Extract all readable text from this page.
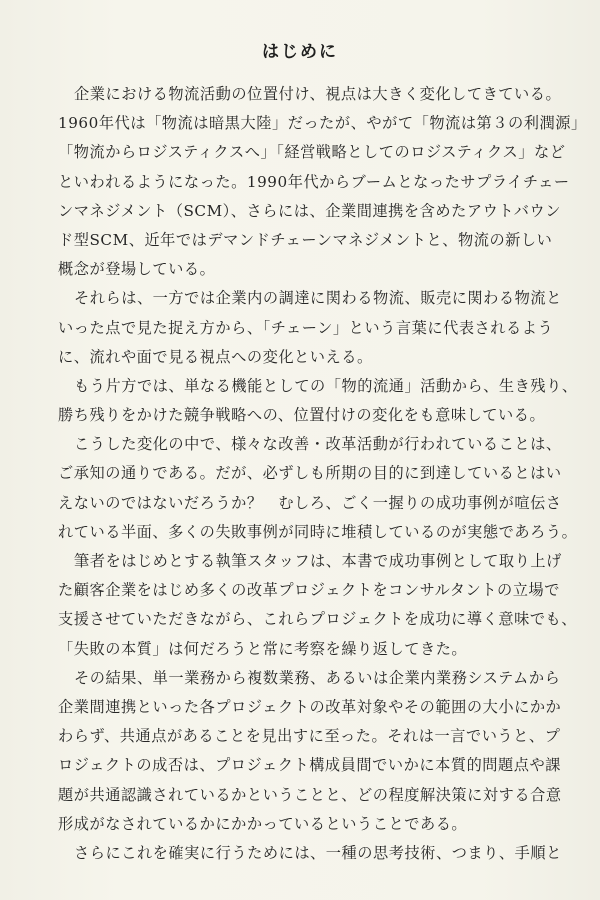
はじめに
企業における物流活動の位置付け、視点は大きく変化してきている。
1960年代は「物流は暗黒大陸」だったが、やがて「物流は第３の利潤源」
「物流からロジスティクスへ」「経営戦略としてのロジスティクス」など
といわれるようになった。1990年代からブームとなったサプライチェー
ンマネジメント（SCM）、さらには、企業間連携を含めたアウトバウン
ド型SCM、近年ではデマンドチェーンマネジメントと、物流の新しい
概念が登場している。
それらは、一方では企業内の調達に関わる物流、販売に関わる物流と
いった点で見た捉え方から、「チェーン」という言葉に代表されるよう
に、流れや面で見る視点への変化といえる。
もう片方では、単なる機能としての「物的流通」活動から、生き残り、
勝ち残りをかけた競争戦略への、位置付けの変化をも意味している。
こうした変化の中で、様々な改善・改革活動が行われていることは、
ご承知の通りである。だが、必ずしも所期の目的に到達しているとはい
えないのではないだろうか？　むしろ、ごく一握りの成功事例が喧伝さ
れている半面、多くの失敗事例が同時に堆積しているのが実態であろう。
筆者をはじめとする執筆スタッフは、本書で成功事例として取り上げ
た顧客企業をはじめ多くの改革プロジェクトをコンサルタントの立場で
支援させていただきながら、これらプロジェクトを成功に導く意味でも、
「失敗の本質」は何だろうと常に考察を繰り返してきた。
その結果、単一業務から複数業務、あるいは企業内業務システムから
企業間連携といった各プロジェクトの改革対象やその範囲の大小にかか
わらず、共通点があることを見出すに至った。それは一言でいうと、プ
ロジェクトの成否は、プロジェクト構成員間でいかに本質的問題点や課
題が共通認識されているかということと、どの程度解決策に対する合意
形成がなされているかにかかっているということである。
さらにこれを確実に行うためには、一種の思考技術、つまり、手順と
